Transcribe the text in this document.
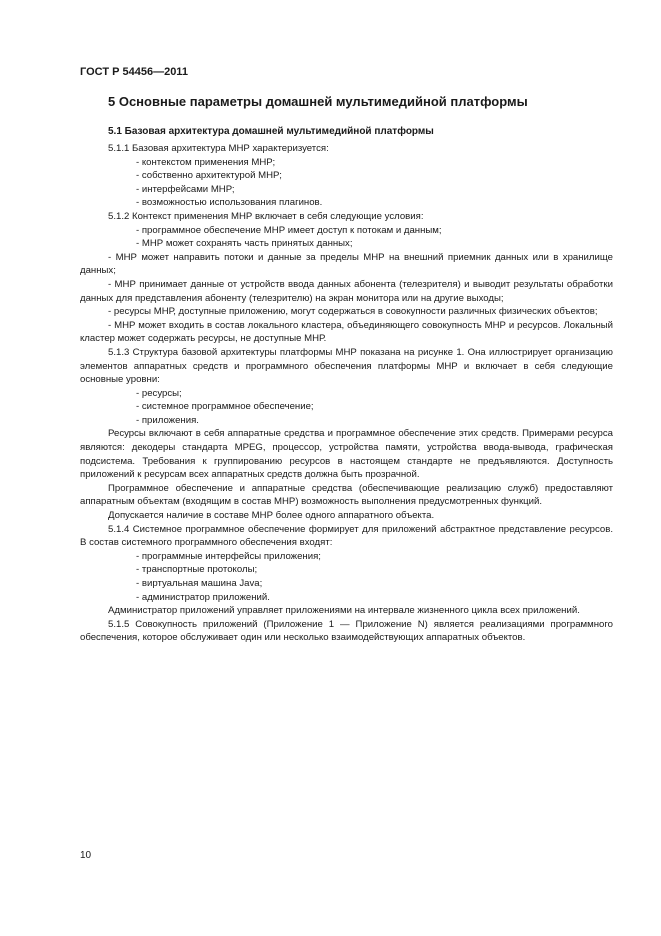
ГОСТ Р 54456—2011
5 Основные параметры домашней мультимедийной платформы
5.1 Базовая архитектура домашней мультимедийной платформы

5.1.1 Базовая архитектура МНР характеризуется:

- контекстом применения МНР;

- собственно архитектурой МНР;

- интерфейсами МНР;

- возможностью использования плагинов.

5.1.2 Контекст применения МНР включает в себя следующие условия:

- программное обеспечение МНР имеет доступ к потокам и данным;

- МНР может сохранять часть принятых данных;

- МНР может направить потоки и данные за пределы МНР на внешний приемник данных или в хранилище данных;

- МНР принимает данные от устройств ввода данных абонента (телезрителя) и выводит результаты обработки данных для представления абоненту (телезрителю) на экран монитора или на другие выходы;

- ресурсы МНР, доступные приложению, могут содержаться в совокупности различных физических объектов;

- МНР может входить в состав локального кластера, объединяющего совокупность МНР и ресурсов. Локальный кластер может содержать ресурсы, не доступные МНР.

5.1.3 Структура базовой архитектуры платформы МНР показана на рисунке 1. Она иллюстрирует организацию элементов аппаратных средств и программного обеспечения платформы МНР и включает в себя следующие основные уровни:

- ресурсы;

- системное программное обеспечение;

- приложения.

Ресурсы включают в себя аппаратные средства и программное обеспечение этих средств. Примерами ресурса являются: декодеры стандарта MPEG, процессор, устройства памяти, устройства ввода-вывода, графическая подсистема. Требования к группированию ресурсов в настоящем стандарте не предъявляются. Доступность приложений к ресурсам всех аппаратных средств должна быть прозрачной.

Программное обеспечение и аппаратные средства (обеспечивающие реализацию служб) предоставляют аппаратным объектам (входящим в состав МНР) возможность выполнения предусмотренных функций.

Допускается наличие в составе МНР более одного аппаратного объекта.

5.1.4 Системное программное обеспечение формирует для приложений абстрактное представление ресурсов. В состав системного программного обеспечения входят:

- программные интерфейсы приложения;

- транспортные протоколы;

- виртуальная машина Java;

- администратор приложений.

Администратор приложений управляет приложениями на интервале жизненного цикла всех приложений.

5.1.5 Совокупность приложений (Приложение 1 — Приложение N) является реализациями программного обеспечения, которое обслуживает один или несколько взаимодействующих аппаратных объектов.

10
